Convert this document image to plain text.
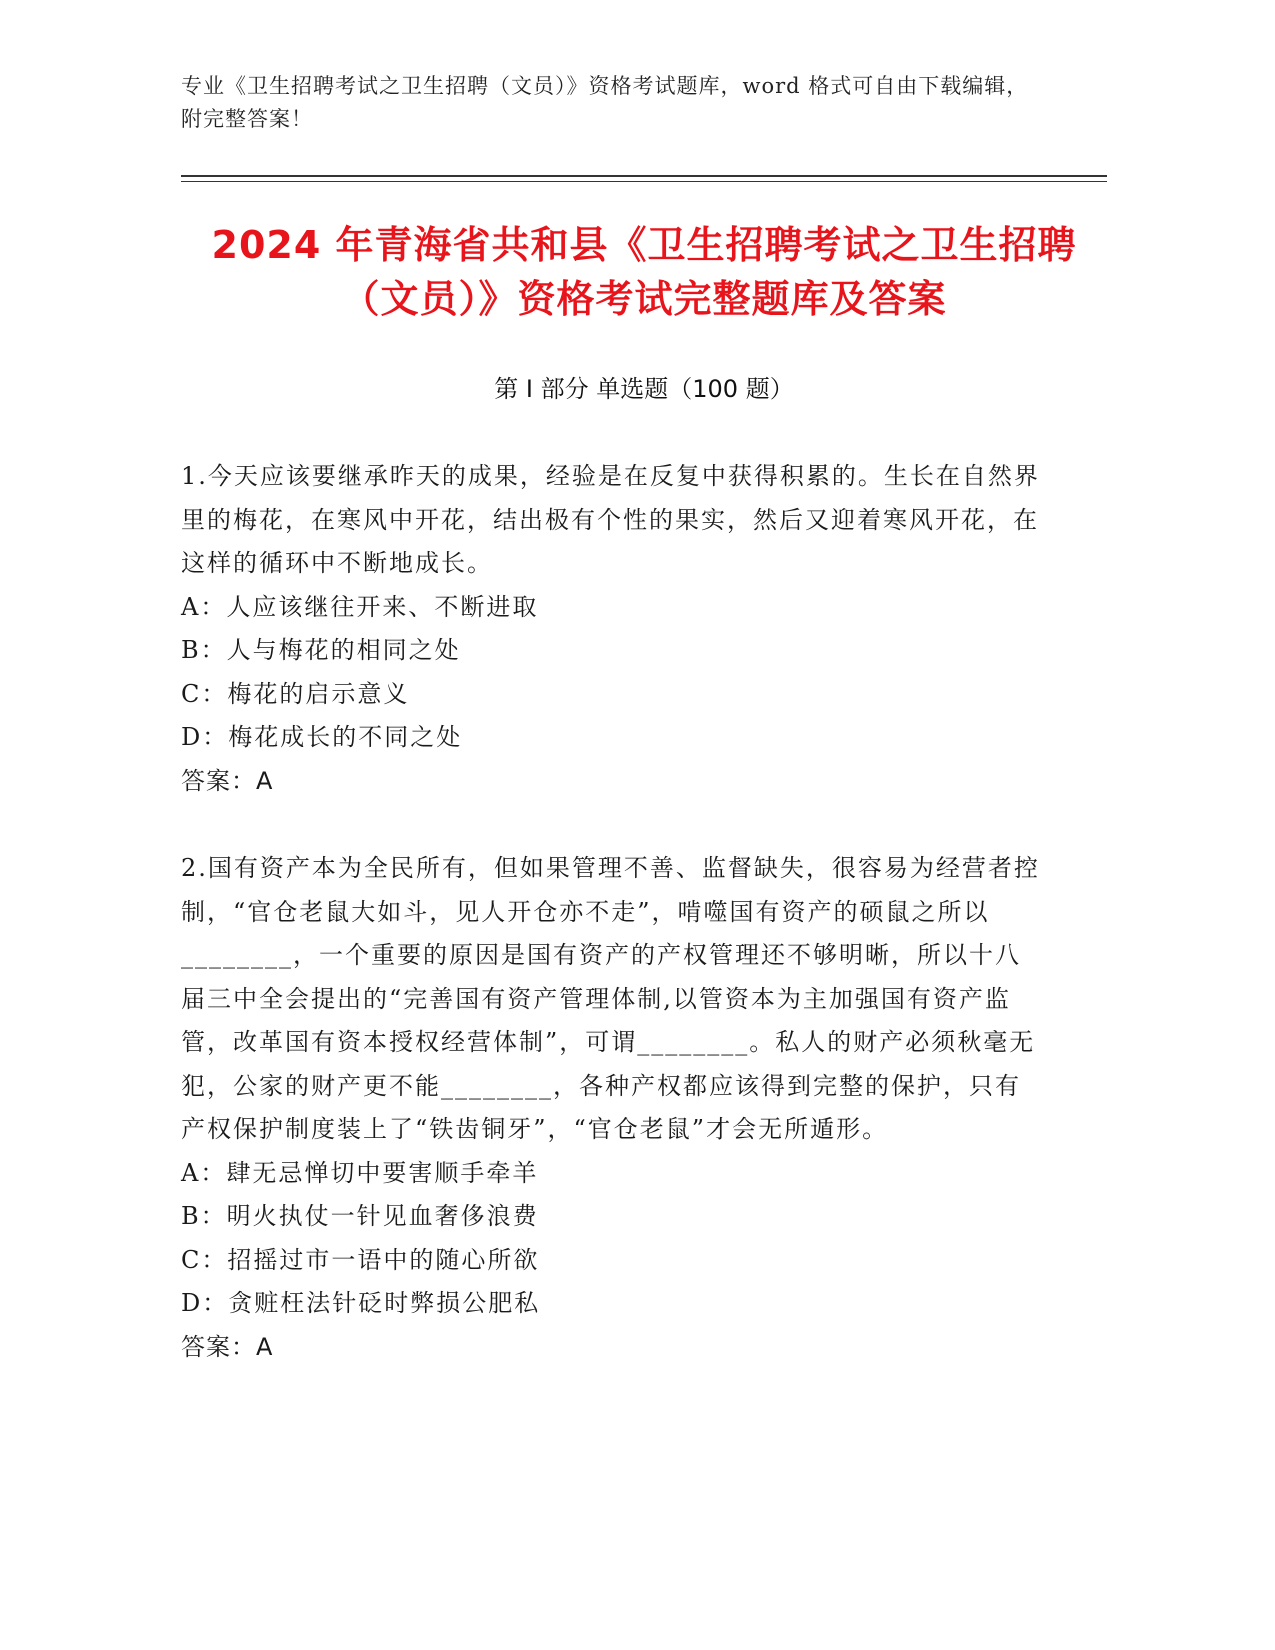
专业《卫生招聘考试之卫生招聘（文员）》资格考试题库，word 格式可自由下载编辑，附完整答案！
2024 年青海省共和县《卫生招聘考试之卫生招聘（文员）》资格考试完整题库及答案
第 I 部分 单选题（100 题）

1.今天应该要继承昨天的成果，经验是在反复中获得积累的。生长在自然界里的梅花，在寒风中开花，结出极有个性的果实，然后又迎着寒风开花，在这样的循环中不断地成长。

A：人应该继往开来、不断进取

B：人与梅花的相同之处

C：梅花的启示意义

D：梅花成长的不同之处

答案：A

2.国有资产本为全民所有，但如果管理不善、监督缺失，很容易为经营者控制，“官仓老鼠大如斗，见人开仓亦不走”，啃噬国有资产的硕鼠之所以________，一个重要的原因是国有资产的产权管理还不够明晰，所以十八届三中全会提出的“完善国有资产管理体制,以管资本为主加强国有资产监管，改革国有资本授权经营体制”，可谓________。私人的财产必须秋毫无犯，公家的财产更不能________，各种产权都应该得到完整的保护，只有产权保护制度装上了“铁齿铜牙”，“官仓老鼠”才会无所遁形。

A：肆无忌惮切中要害顺手牵羊

B：明火执仗一针见血奢侈浪费

C：招摇过市一语中的随心所欲

D：贪赃枉法针砭时弊损公肥私

答案：A
